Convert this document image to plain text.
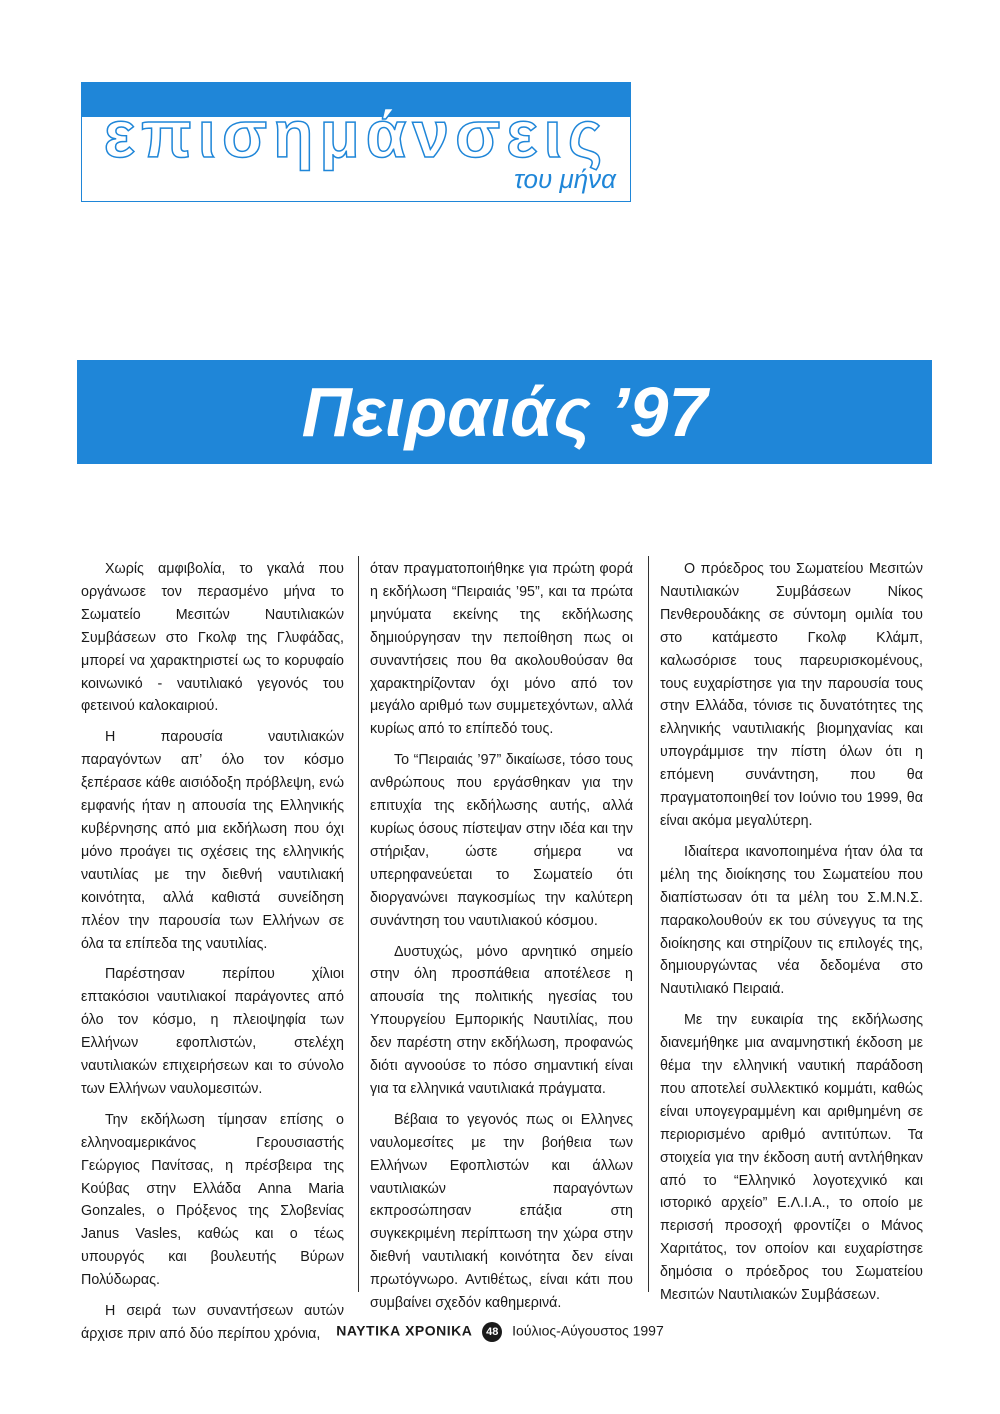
επισημάνσεις
του μήνα
Πειραιάς ’97

Χωρίς αμφιβολία, το γκαλά που οργάνωσε τον περασμένο μήνα το Σωματείο Μεσιτών Ναυτιλιακών Συμβάσεων στο Γκολφ της Γλυφάδας, μπορεί να χαρακτηριστεί ως το κορυφαίο κοινωνικό - ναυτιλιακό γεγονός του φετεινού καλοκαιριού.

Η παρουσία ναυτιλιακών παραγόντων απ’ όλο τον κόσμο ξεπέρασε κάθε αισιόδοξη πρόβλεψη, ενώ εμφανής ήταν η απουσία της Ελληνικής κυβέρνησης από μια εκδήλωση που όχι μόνο προάγει τις σχέσεις της ελληνικής ναυτιλίας με την διεθνή ναυτιλιακή κοινότητα, αλλά καθιστά συνείδηση πλέον την παρουσία των Ελλήνων σε όλα τα επίπεδα της ναυτιλίας.

Παρέστησαν περίπου χίλιοι επτακόσιοι ναυτιλιακοί παράγοντες από όλο τον κόσμο, η πλειοψηφία των Ελλήνων εφοπλιστών, στελέχη ναυτιλιακών επιχειρήσεων και το σύνολο των Ελλήνων ναυλομεσιτών.

Την εκδήλωση τίμησαν επίσης ο ελληνοαμερικάνος Γερουσιαστής Γεώργιος Πανίτσας, η πρέσβειρα της Κούβας στην Ελλάδα Anna Maria Gonzales, ο Πρόξενος της Σλοβενίας Janus Vasles, καθώς και ο τέως υπουργός και βουλευτής Βύρων Πολύδωρας.

Η σειρά των συναντήσεων αυτών άρχισε πριν από δύο περίπου χρόνια,

όταν πραγματοποιήθηκε για πρώτη φορά η εκδήλωση “Πειραιάς ’95”, και τα πρώτα μηνύματα εκείνης της εκδήλωσης δημιούργησαν την πεποίθηση πως οι συναντήσεις που θα ακολουθούσαν θα χαρακτηρίζονταν όχι μόνο από τον μεγάλο αριθμό των συμμετεχόντων, αλλά κυρίως από το επίπεδό τους.

Το “Πειραιάς ’97” δικαίωσε, τόσο τους ανθρώπους που εργάσθηκαν για την επιτυχία της εκδήλωσης αυτής, αλλά κυρίως όσους πίστεψαν στην ιδέα και την στήριξαν, ώστε σήμερα να υπερηφανεύεται το Σωματείο ότι διοργανώνει παγκοσμίως την καλύτερη συνάντηση του ναυτιλιακού κόσμου.

Δυστυχώς, μόνο αρνητικό σημείο στην όλη προσπάθεια αποτέλεσε η απουσία της πολιτικής ηγεσίας του Υπουργείου Εμπορικής Ναυτιλίας, που δεν παρέστη στην εκδήλωση, προφανώς διότι αγνοούσε το πόσο σημαντική είναι για τα ελληνικά ναυτιλιακά πράγματα.

Βέβαια το γεγονός πως οι Ελληνες ναυλομεσίτες με την βοήθεια των Ελλήνων Εφοπλιστών και άλλων ναυτιλιακών παραγόντων εκπροσώπησαν επάξια στη συγκεκριμένη περίπτωση την χώρα στην διεθνή ναυτιλιακή κοινότητα δεν είναι πρωτόγνωρο. Αντιθέτως, είναι κάτι που συμβαίνει σχεδόν καθημερινά.

Ο πρόεδρος του Σωματείου Μεσιτών Ναυτιλιακών Συμβάσεων Νίκος Πενθερουδάκης σε σύντομη ομιλία του στο κατάμεστο Γκολφ Κλάμπ, καλωσόρισε τους παρευρισκομένους, τους ευχαρίστησε για την παρουσία τους στην Ελλάδα, τόνισε τις δυνατότητες της ελληνικής ναυτιλιακής βιομηχανίας και υπογράμμισε την πίστη όλων ότι η επόμενη συνάντηση, που θα πραγματοποιηθεί τον Ιούνιο του 1999, θα είναι ακόμα μεγαλύτερη.

Ιδιαίτερα ικανοποιημένα ήταν όλα τα μέλη της διοίκησης του Σωματείου που διαπίστωσαν ότι τα μέλη του Σ.Μ.Ν.Σ. παρακολουθούν εκ του σύνεγγυς τα της διοίκησης και στηρίζουν τις επιλογές της, δημιουργώντας νέα δεδομένα στο Ναυτιλιακό Πειραιά.

Με την ευκαιρία της εκδήλωσης διανεμήθηκε μια αναμνηστική έκδοση με θέμα την ελληνική ναυτική παράδοση που αποτελεί συλλεκτικό κομμάτι, καθώς είναι υπογεγραμμένη και αριθμημένη σε περιορισμένο αριθμό αντιτύπων. Τα στοιχεία για την έκδοση αυτή αντλήθηκαν από το “Ελληνικό λογοτεχνικό και ιστορικό αρχείο” Ε.Λ.Ι.Α., το οποίο με περισσή προσοχή φροντίζει ο Μάνος Χαριτάτος, τον οποίον και ευχαρίστησε δημόσια ο πρόεδρος του Σωματείου Μεσιτών Ναυτιλιακών Συμβάσεων.

ΝΑΥΤΙΚΑ ΧΡΟΝΙΚΑ 48 Ιούλιος-Αύγουστος 1997
